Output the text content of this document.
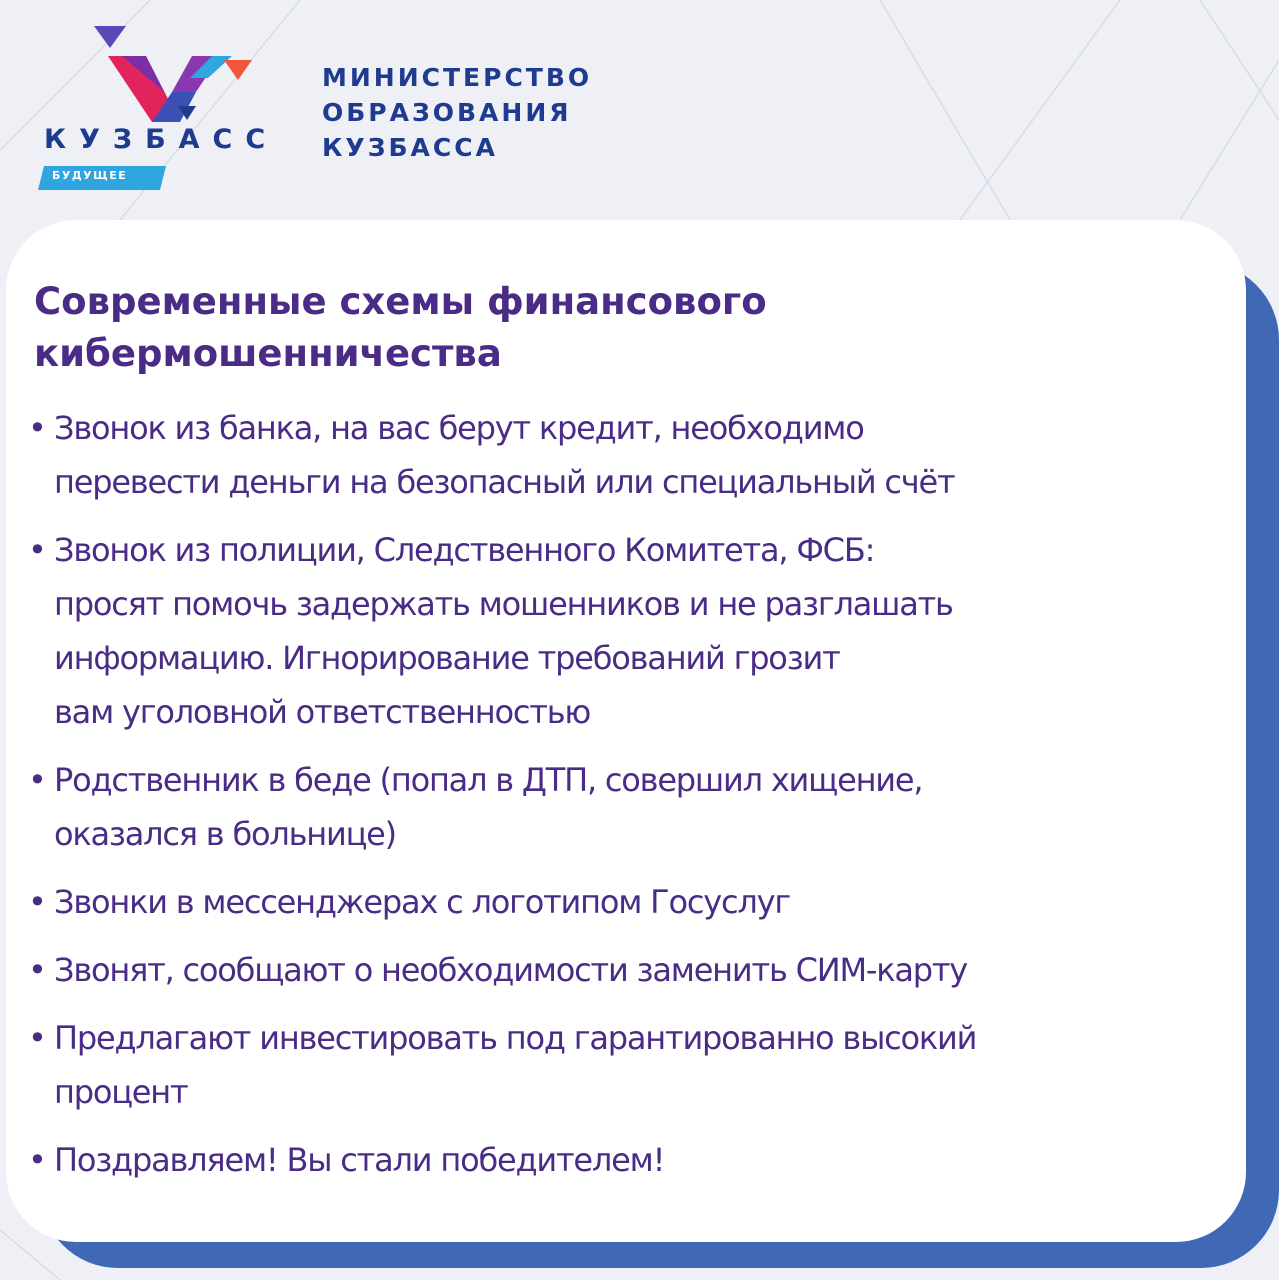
КУЗБАСС
БУДУЩЕЕ
МИНИСТЕРСТВО
ОБРАЗОВАНИЯ
КУЗБАССА
Современные схемы финансового
кибермошенничества
• Звонок из банка, на вас берут кредит, необходимо
перевести деньги на безопасный или специальный счёт
• Звонок из полиции, Следственного Комитета, ФСБ:
просят помочь задержать мошенников и не разглашать
информацию. Игнорирование требований грозит
вам уголовной ответственностью
• Родственник в беде (попал в ДТП, совершил хищение,
оказался в больнице)
• Звонки в мессенджерах с логотипом Госуслуг
• Звонят, сообщают о необходимости заменить СИМ-карту
• Предлагают инвестировать под гарантированно высокий
процент
• Поздравляем! Вы стали победителем!
